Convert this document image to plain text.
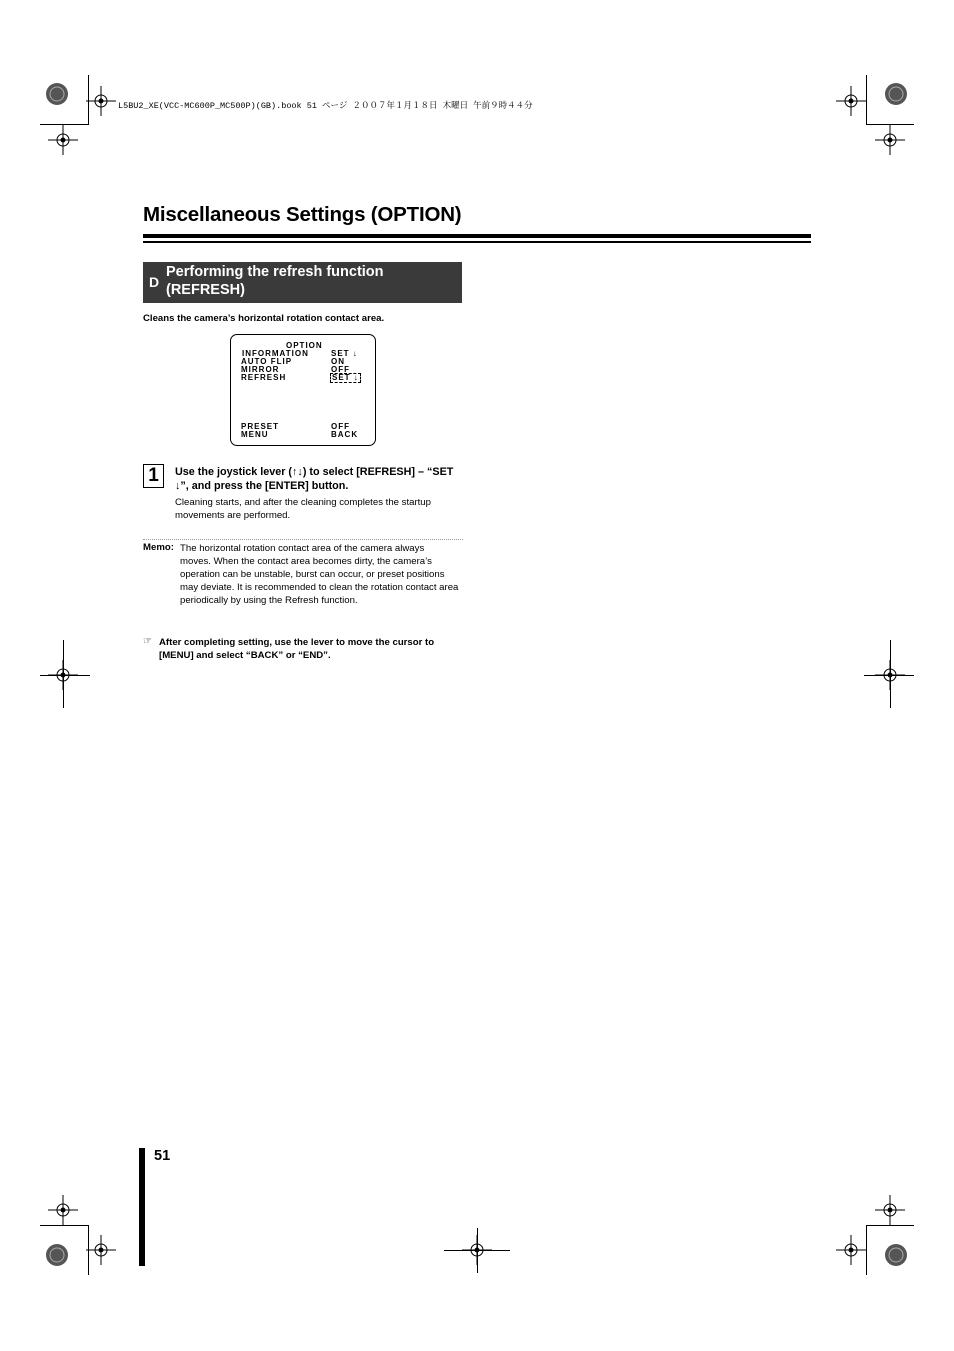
L5BU2_XE(VCC-MC600P_MC500P)(GB).book 51 ページ ２００７年１月１８日 木曜日 午前９時４４分
Miscellaneous Settings (OPTION)
D
Performing the refresh function (REFRESH)
Cleans the camera’s horizontal rotation contact area.
OPTION
INFORMATION	SET ↓
AUTO FLIP	ON
MIRROR	OFF
REFRESH	SET ↓
PRESET	OFF
MENU	BACK
1	Use the joystick lever (↑↓) to select [REFRESH] – “SET ↓”, and press the [ENTER] button.
Cleaning starts, and after the cleaning completes the startup movements are performed.
Memo: The horizontal rotation contact area of the camera always
moves. When the contact area becomes dirty, the camera’s operation can be unstable, burst can occur, or preset positions may deviate. It is recommended to clean the rotation contact area periodically by using the Refresh function.
☞ After completing setting, use the lever to move the cursor to [MENU] and select “BACK” or “END”.
51
